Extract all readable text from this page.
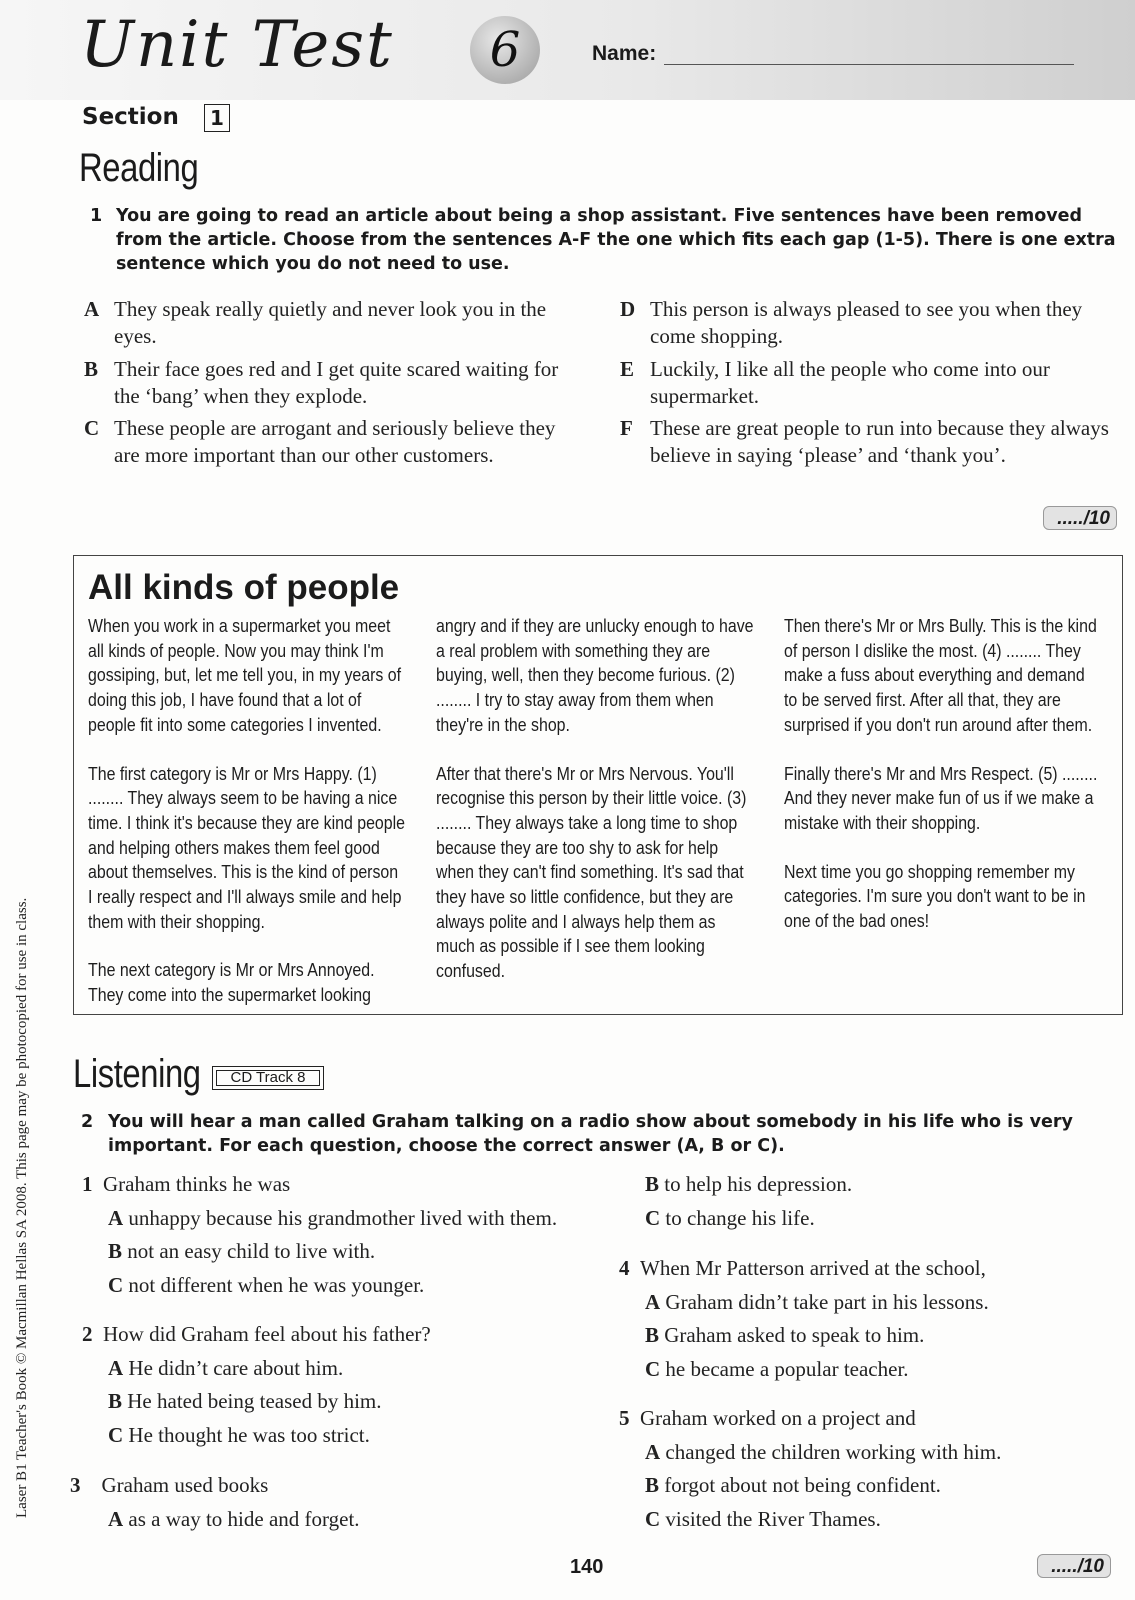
Unit Test	6	Name:
Section	1
Reading
1 You are going to read an article about being a shop assistant. Five sentences have been removed from the article. Choose from the sentences A-F the one which fits each gap (1-5). There is one extra sentence which you do not need to use.
A They speak really quietly and never look you in the eyes.
B Their face goes red and I get quite scared waiting for the ‘bang’ when they explode.
C These people are arrogant and seriously believe they are more important than our other customers.
D This person is always pleased to see you when they come shopping.
E Luckily, I like all the people who come into our supermarket.
F These are great people to run into because they always believe in saying ‘please’ and ‘thank you’.
...../10
All kinds of people

When you work in a supermarket you meet all kinds of people. Now you may think I'm gossiping, but, let me tell you, in my years of doing this job, I have found that a lot of people fit into some categories I invented.

The first category is Mr or Mrs Happy. (1) ........ They always seem to be having a nice time. I think it's because they are kind people and helping others makes them feel good about themselves. This is the kind of person I really respect and I'll always smile and help them with their shopping.

The next category is Mr or Mrs Annoyed. They come into the supermarket looking

angry and if they are unlucky enough to have a real problem with something they are buying, well, then they become furious. (2) ........ I try to stay away from them when they're in the shop.

After that there's Mr or Mrs Nervous. You'll recognise this person by their little voice. (3) ........ They always take a long time to shop because they are too shy to ask for help when they can't find something. It's sad that they have so little confidence, but they are always polite and I always help them as much as possible if I see them looking confused.

Then there's Mr or Mrs Bully. This is the kind of person I dislike the most. (4) ........ They make a fuss about everything and demand to be served first. After all that, they are surprised if you don't run around after them.

Finally there's Mr and Mrs Respect. (5) ........ And they never make fun of us if we make a mistake with their shopping.

Next time you go shopping remember my categories. I'm sure you don't want to be in one of the bad ones!

Listening	CD Track 8
2 You will hear a man called Graham talking on a radio show about somebody in his life who is very important. For each question, choose the correct answer (A, B or C).
1 Graham thinks he was
A unhappy because his grandmother lived with them.
B not an easy child to live with.
C not different when he was younger.
2 How did Graham feel about his father?
A He didn’t care about him.
B He hated being teased by him.
C He thought he was too strict.
3 Graham used books
A as a way to hide and forget.
B to help his depression.
C to change his life.
4 When Mr Patterson arrived at the school,
A Graham didn’t take part in his lessons.
B Graham asked to speak to him.
C he became a popular teacher.
5 Graham worked on a project and
A changed the children working with him.
B forgot about not being confident.
C visited the River Thames.
...../10
Laser B1 Teacher's Book © Macmillan Hellas SA 2008. This page may be photocopied for use in class.
140
